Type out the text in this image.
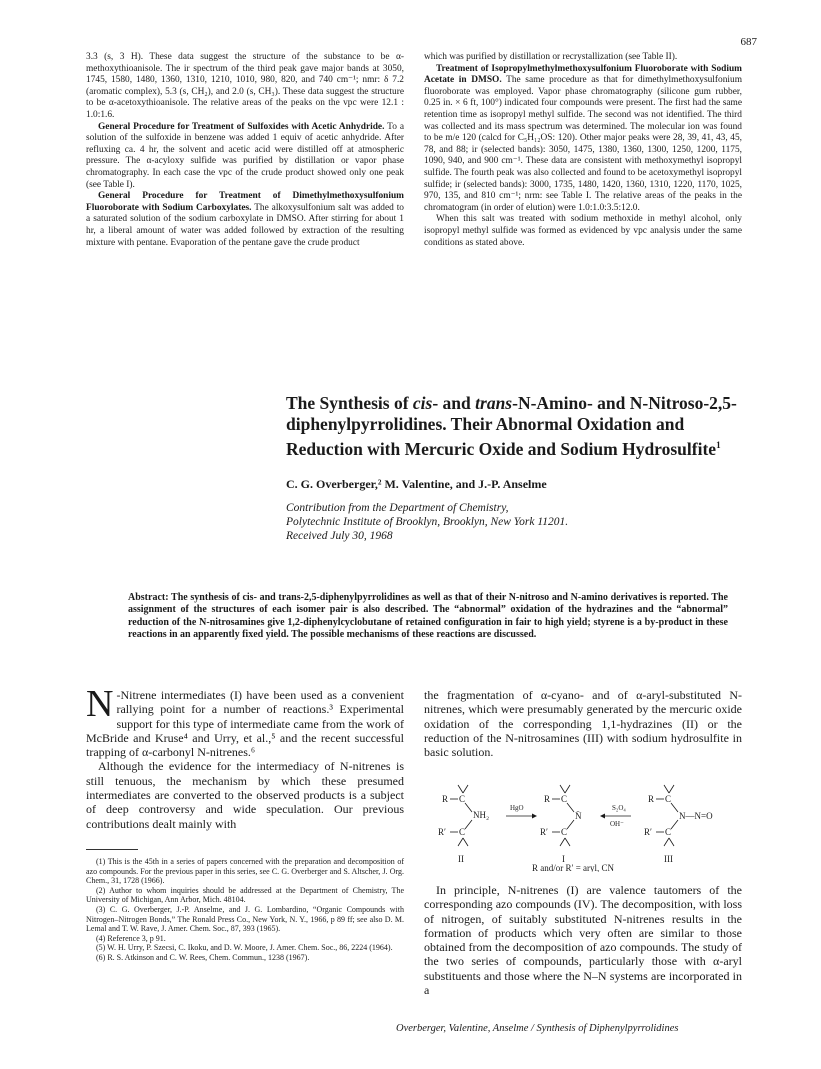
687

3.3 (s, 3 H). These data suggest the structure of the substance to be α-methoxythioanisole. The ir spectrum of the third peak gave major bands at 3050, 1745, 1580, 1480, 1360, 1310, 1210, 1010, 980, 820, and 740 cm⁻¹; nmr: δ 7.2 (aromatic complex), 5.3 (s, CH₂), and 2.0 (s, CH₃). These data suggest the structure to be α-acetoxythioanisole. The relative areas of the peaks on the vpc were 12.1 : 1.0:1.6.

General Procedure for Treatment of Sulfoxides with Acetic Anhydride. To a solution of the sulfoxide in benzene was added 1 equiv of acetic anhydride. After refluxing ca. 4 hr, the solvent and acetic acid were distilled off at atmospheric pressure. The α-acyloxy sulfide was purified by distillation or vapor phase chromatography. In each case the vpc of the crude product showed only one peak (see Table I).

General Procedure for Treatment of Dimethylmethoxysulfonium Fluoroborate with Sodium Carboxylates. The alkoxysulfonium salt was added to a saturated solution of the sodium carboxylate in DMSO. After stirring for about 1 hr, a liberal amount of water was added followed by extraction of the resulting mixture with pentane. Evaporation of the pentane gave the crude product

which was purified by distillation or recrystallization (see Table II).

Treatment of Isopropylmethylmethoxysulfonium Fluoroborate with Sodium Acetate in DMSO. The same procedure as that for dimethylmethoxysulfonium fluoroborate was employed. Vapor phase chromatography (silicone gum rubber, 0.25 in. × 6 ft, 100°) indicated four compounds were present. The first had the same retention time as isopropyl methyl sulfide. The second was not identified. The third was collected and its mass spectrum was determined. The molecular ion was found to be m/e 120 (calcd for C₅H₁₂OS: 120). Other major peaks were 28, 39, 41, 43, 45, 78, and 88; ir (selected bands): 3050, 1475, 1380, 1360, 1300, 1250, 1200, 1175, 1090, 940, and 900 cm⁻¹. These data are consistent with methoxymethyl isopropyl sulfide. The fourth peak was also collected and found to be acetoxymethyl isopropyl sulfide; ir (selected bands): 3000, 1735, 1480, 1420, 1360, 1310, 1220, 1170, 1025, 970, 135, and 810 cm⁻¹; nrm: see Table I. The relative areas of the peaks in the chromatogram (in order of elution) were 1.0:1.0:3.5:12.0.

When this salt was treated with sodium methoxide in methyl alcohol, only isopropyl methyl sulfide was formed as evidenced by vpc analysis under the same conditions as stated above.

The Synthesis of cis- and trans-N-Amino- and N-Nitroso-2,5-diphenylpyrrolidines. Their Abnormal Oxidation and Reduction with Mercuric Oxide and Sodium Hydrosulfite$^1$
C. G. Overberger,² M. Valentine, and J.-P. Anselme
Contribution from the Department of Chemistry,
Polytechnic Institute of Brooklyn, Brooklyn, New York 11201.
Received July 30, 1968
Abstract: The synthesis of cis- and trans-2,5-diphenylpyrrolidines as well as that of their N-nitroso and N-amino derivatives is reported. The assignment of the structures of each isomer pair is also described. The “abnormal” oxidation of the hydrazines and the “abnormal” reduction of the N-nitrosamines give 1,2-diphenylcyclobutane of retained configuration in fair to high yield; styrene is a by-product in these reactions in an apparently fixed yield. The possible mechanisms of these reactions are discussed.

N -Nitrene intermediates (I) have been used as a convenient rallying point for a number of reactions.³ Experimental support for this type of intermediate came from the work of McBride and Kruse⁴ and Urry, et al.,⁵ and the recent successful trapping of α-carbonyl N-nitrenes.⁶

Although the evidence for the intermediacy of N-nitrenes is still tenuous, the mechanism by which these presumed intermediates are converted to the observed products is a subject of deep controversy and wide speculation. Our previous contributions dealt mainly with

(1) This is the 45th in a series of papers concerned with the preparation and decomposition of azo compounds. For the previous paper in this series, see C. G. Overberger and S. Altscher, J. Org. Chem., 31, 1728 (1966).

(2) Author to whom inquiries should be addressed at the Department of Chemistry, The University of Michigan, Ann Arbor, Mich. 48104.

(3) C. G. Overberger, J.-P. Anselme, and J. G. Lombardino, “Organic Compounds with Nitrogen–Nitrogen Bonds,” The Ronald Press Co., New York, N. Y., 1966, p 89 ff; see also D. M. Lemal and T. W. Rave, J. Amer. Chem. Soc., 87, 393 (1965).

(4) Reference 3, p 91.

(5) W. H. Urry, P. Szecsi, C. Ikoku, and D. W. Moore, J. Amer. Chem. Soc., 86, 2224 (1964).

(6) R. S. Atkinson and C. W. Rees, Chem. Commun., 1238 (1967).

the fragmentation of α-cyano- and of α-aryl-substituted N-nitrenes, which were presumably generated by the mercuric oxide oxidation of the corresponding 1,1-hydrazines (II) or the reduction of the N-nitrosamines (III) with sodium hydrosulfite in basic solution.

R C
NH₂
R′ C
II
HgO
R C
N̈
R′ C
I
S₂O₄
OH⁻
R C
N—N=O
R′ C
III
R and/or R′ = aryl, CN

In principle, N-nitrenes (I) are valence tautomers of the corresponding azo compounds (IV). The decomposition, with loss of nitrogen, of suitably substituted N-nitrenes results in the formation of products which very often are similar to those obtained from the decomposition of azo compounds. The study of the two series of compounds, particularly those with α-aryl substituents and those where the N–N systems are incorporated in a

Overberger, Valentine, Anselme / Synthesis of Diphenylpyrrolidines
